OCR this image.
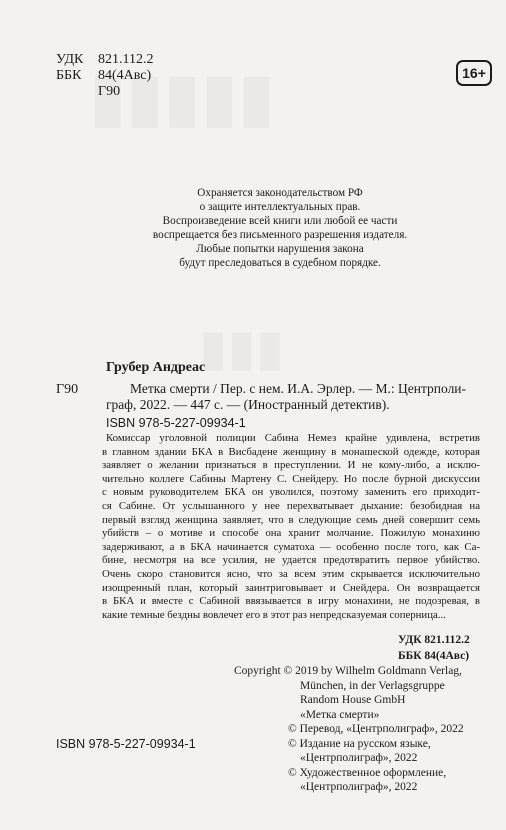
УДК	821.112.2
ББК	84(4Авс)
Г90
16+
Охраняется законодательством РФ
о защите интеллектуальных прав.
Воспроизведение всей книги или любой ее части
воспрещается без письменного разрешения издателя.
Любые попытки нарушения закона
будут преследоваться в судебном порядке.
Грубер Андреас
Г90	Метка смерти / Пер. с нем. И.А. Эрлер. — М.: Центрполи-
граф, 2022. — 447 с. — (Иностранный детектив).
ISBN 978-5-227-09934-1

Комиссар уголовной полиции Сабина Немез крайне удивлена, встретив

в главном здании БКА в Висбадене женщину в монашеской одежде, которая

заявляет о желании признаться в преступлении. И не кому-либо, а исклю-

чительно коллеге Сабины Мартену С. Снейдеру. Но после бурной дискуссии

с новым руководителем БКА он уволился, поэтому заменить его приходит-

ся Сабине. От услышанного у нее перехватывает дыхание: безобидная на

первый взгляд женщина заявляет, что в следующие семь дней совершит семь

убийств – о мотиве и способе она хранит молчание. Пожилую монахиню

задерживают, а в БКА начинается суматоха — особенно после того, как Са-

бине, несмотря на все усилия, не удается предотвратить первое убийство.

Очень скоро становится ясно, что за всем этим скрывается исключительно

изощренный план, который заинтриговывает и Снейдера. Он возвращается

в БКА и вместе с Сабиной ввязывается в игру монахини, не подозревая, в

какие темные бездны вовлечет его в этот раз непредсказуемая соперница...

УДК 821.112.2
ББК 84(4Авс)
Copyright © 2019 by Wilhelm Goldmann Verlag,
München, in der Verlagsgruppe
Random House GmbH
«Метка смерти»
© Перевод, «Центрполиграф», 2022
© Издание на русском языке,
«Центрполиграф», 2022
© Художественное оформление,
«Центрполиграф», 2022
ISBN 978-5-227-09934-1
